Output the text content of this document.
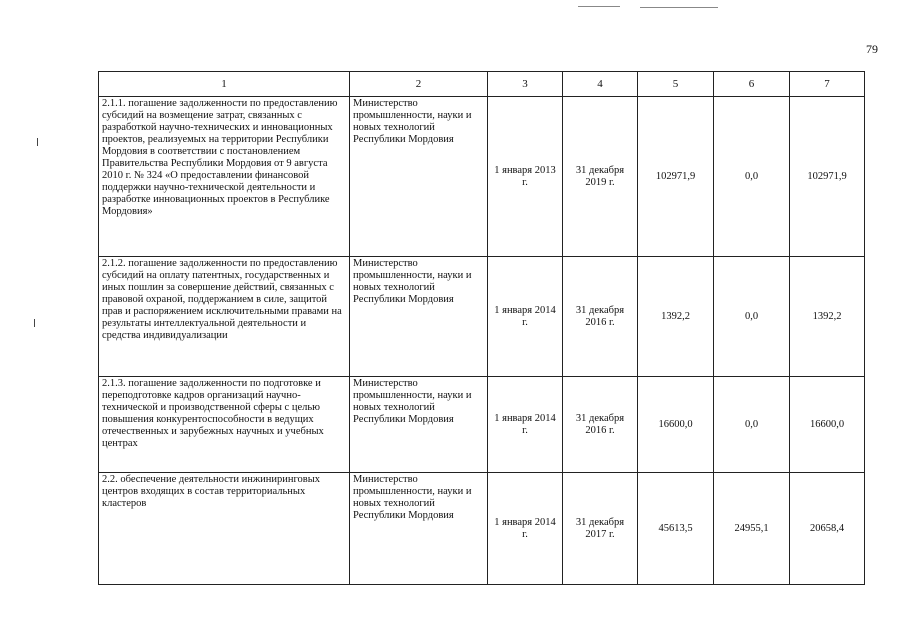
79
1	2	3	4	5	6	7
2.1.1. погашение задолженности по предоставлению субсидий на возмещение затрат, связанных с разработкой научно-технических и инновационных проектов, реализуемых на территории Республики Мордовия в соответствии с постановлением Правительства Республики Мордовия от 9 августа 2010 г. № 324 «О предоставлении финансовой поддержки научно-технической деятельности и разработке инновационных проектов в Республике Мордовия»	Министерство промышленности, науки и новых технологий Республики Мордовия	1 января 2013 г.	31 декабря 2019 г.	102971,9	0,0	102971,9
2.1.2. погашение задолженности по предоставлению субсидий на оплату патентных, государственных и иных пошлин за совершение действий, связанных с правовой охраной, поддержанием в силе, защитой прав и распоряжением исключительными правами на результаты интеллектуальной деятельности и средства индивидуализации	Министерство промышленности, науки и новых технологий Республики Мордовия	1 января 2014 г.	31 декабря 2016 г.	1392,2	0,0	1392,2
2.1.3. погашение задолженности по подготовке и переподготовке кадров организаций научно-технической и производственной сферы с целью повышения конкурентоспособности в ведущих отечественных и зарубежных научных и учебных центрах	Министерство промышленности, науки и новых технологий Республики Мордовия	1 января 2014 г.	31 декабря 2016 г.	16600,0	0,0	16600,0
2.2. обеспечение деятельности инжиниринговых центров входящих в состав территориальных кластеров	Министерство промышленности, науки и новых технологий Республики Мордовия	1 января 2014 г.	31 декабря 2017 г.	45613,5	24955,1	20658,4
